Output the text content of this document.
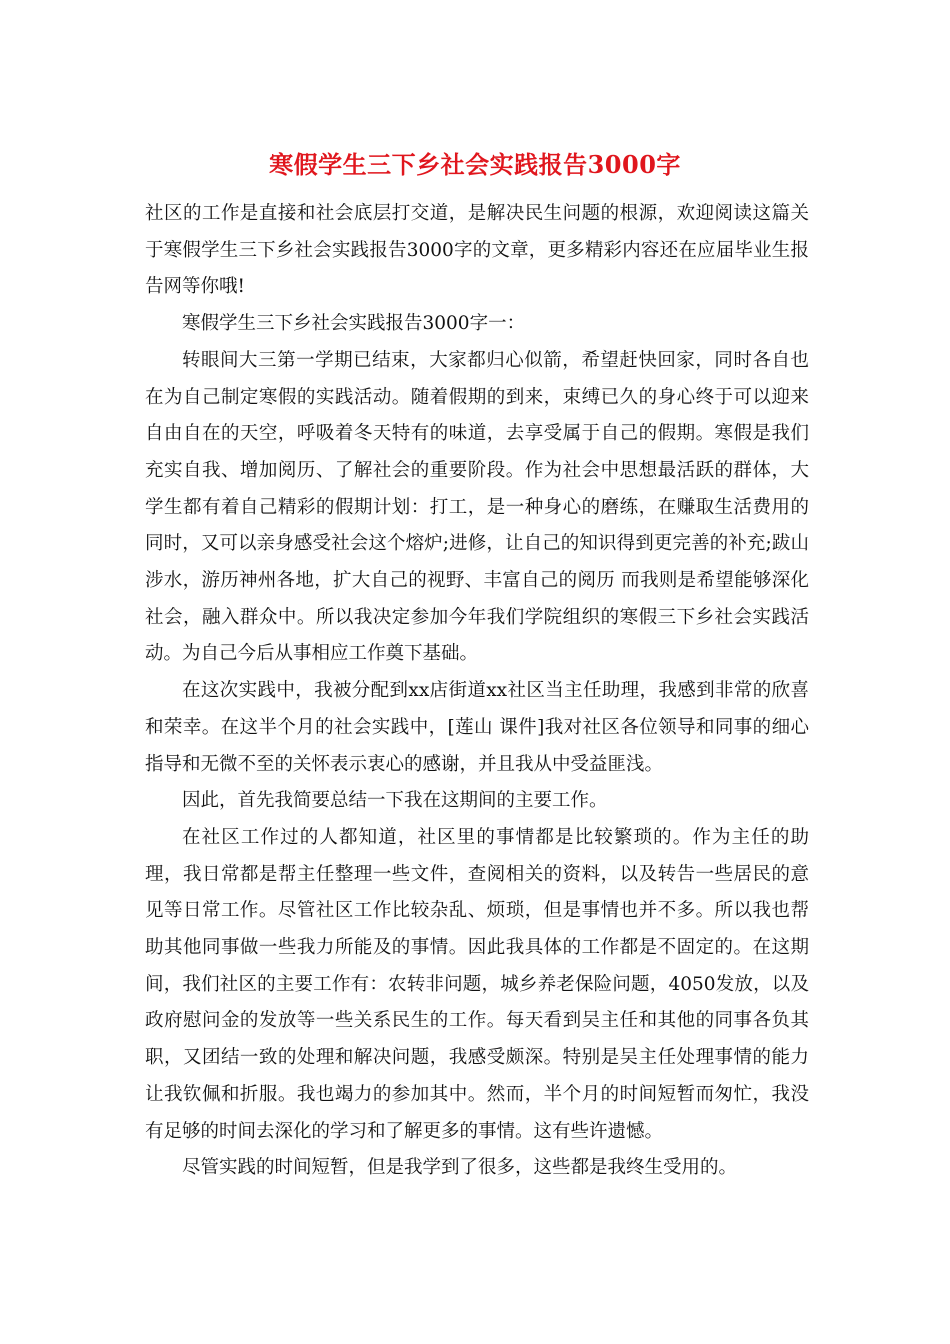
寒假学生三下乡社会实践报告3000字

社区的工作是直接和社会底层打交道，是解决民生问题的根源，欢迎阅读这篇关于寒假学生三下乡社会实践报告3000字的文章，更多精彩内容还在应届毕业生报告网等你哦!

寒假学生三下乡社会实践报告3000字一：

转眼间大三第一学期已结束，大家都归心似箭，希望赶快回家，同时各自也在为自己制定寒假的实践活动。随着假期的到来，束缚已久的身心终于可以迎来自由自在的天空，呼吸着冬天特有的味道，去享受属于自己的假期。寒假是我们充实自我、增加阅历、了解社会的重要阶段。作为社会中思想最活跃的群体，大学生都有着自己精彩的假期计划：打工，是一种身心的磨练，在赚取生活费用的同时，又可以亲身感受社会这个熔炉;进修，让自己的知识得到更完善的补充;跋山涉水，游历神州各地，扩大自己的视野、丰富自己的阅历 而我则是希望能够深化社会，融入群众中。所以我决定参加今年我们学院组织的寒假三下乡社会实践活动。为自己今后从事相应工作奠下基础。

在这次实践中，我被分配到xx店街道xx社区当主任助理，我感到非常的欣喜和荣幸。在这半个月的社会实践中，[莲山 课件]我对社区各位领导和同事的细心指导和无微不至的关怀表示衷心的感谢，并且我从中受益匪浅。

因此，首先我简要总结一下我在这期间的主要工作。

在社区工作过的人都知道，社区里的事情都是比较繁琐的。作为主任的助理，我日常都是帮主任整理一些文件，查阅相关的资料，以及转告一些居民的意见等日常工作。尽管社区工作比较杂乱、烦琐，但是事情也并不多。所以我也帮助其他同事做一些我力所能及的事情。因此我具体的工作都是不固定的。在这期间，我们社区的主要工作有：农转非问题，城乡养老保险问题，4050发放，以及政府慰问金的发放等一些关系民生的工作。每天看到吴主任和其他的同事各负其职，又团结一致的处理和解决问题，我感受颇深。特别是吴主任处理事情的能力让我钦佩和折服。我也竭力的参加其中。然而，半个月的时间短暂而匆忙，我没有足够的时间去深化的学习和了解更多的事情。这有些许遗憾。

尽管实践的时间短暂，但是我学到了很多，这些都是我终生受用的。
